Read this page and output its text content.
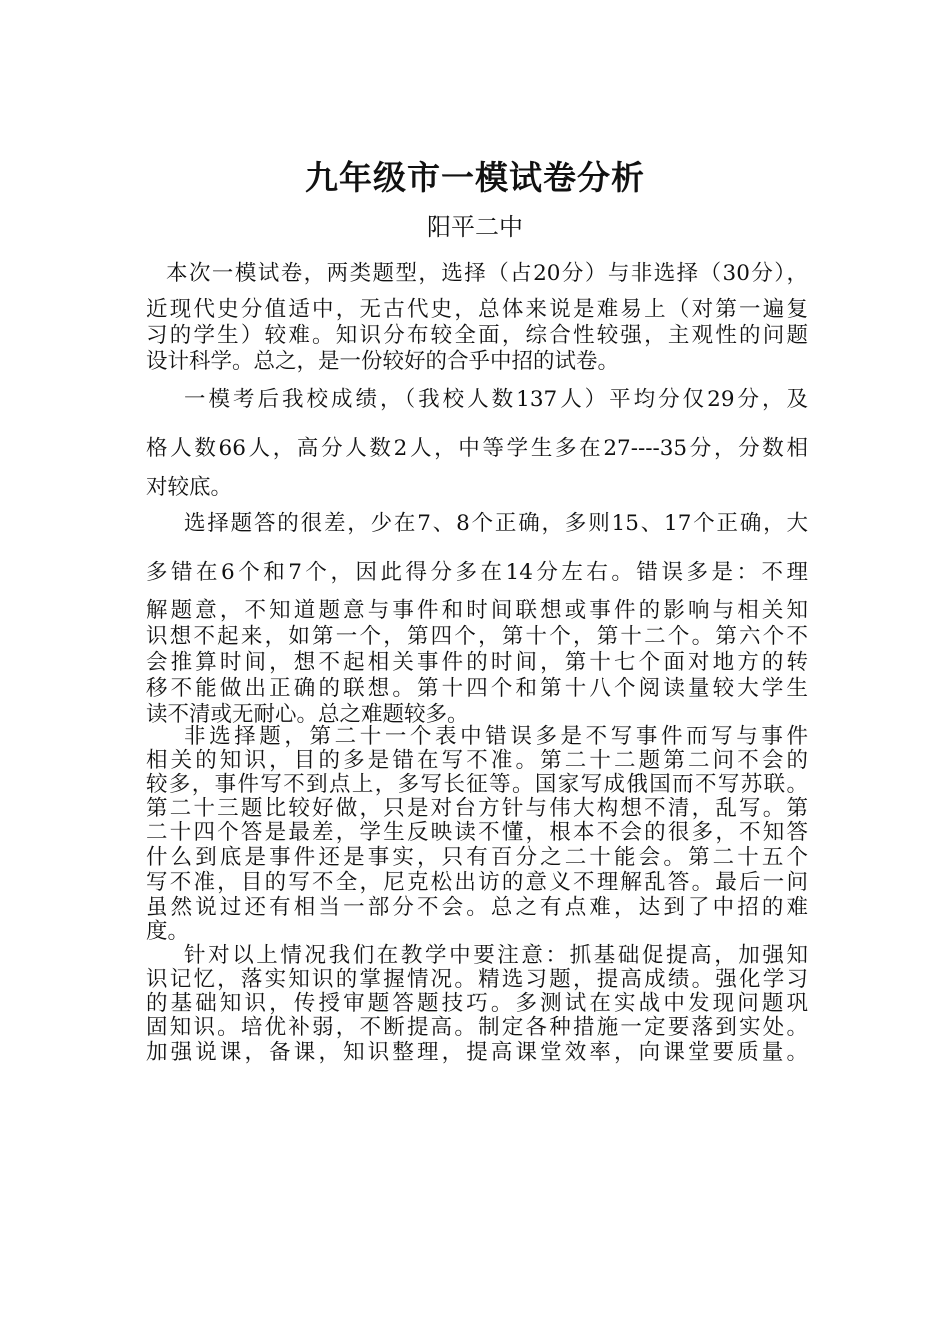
九年级市一模试卷分析

阳平二中

本次一模试卷，两类题型，选择（占20分）与非选择（30分），

近现代史分值适中，无古代史，总体来说是难易上（对第一遍复

习的学生）较难。知识分布较全面，综合性较强，主观性的问题

设计科学。总之，是一份较好的合乎中招的试卷。

一模考后我校成绩，（我校人数137人）平均分仅29分，及

格人数66人，高分人数2人，中等学生多在27----35分，分数相

对较底。

选择题答的很差，少在7、8个正确，多则15、17个正确，大

多错在6个和7个，因此得分多在14分左右。错误多是：不理

解题意，不知道题意与事件和时间联想或事件的影响与相关知

识想不起来，如第一个，第四个，第十个，第十二个。第六个不

会推算时间，想不起相关事件的时间，第十七个面对地方的转

移不能做出正确的联想。第十四个和第十八个阅读量较大学生

读不清或无耐心。总之难题较多。

非选择题，第二十一个表中错误多是不写事件而写与事件

相关的知识，目的多是错在写不准。第二十二题第二问不会的

较多，事件写不到点上，多写长征等。国家写成俄国而不写苏联。

第二十三题比较好做，只是对台方针与伟大构想不清，乱写。第

二十四个答是最差，学生反映读不懂，根本不会的很多，不知答

什么到底是事件还是事实，只有百分之二十能会。第二十五个

写不准，目的写不全，尼克松出访的意义不理解乱答。最后一问

虽然说过还有相当一部分不会。总之有点难，达到了中招的难

度。

针对以上情况我们在教学中要注意：抓基础促提高，加强知

识记忆，落实知识的掌握情况。精选习题，提高成绩。强化学习

的基础知识，传授审题答题技巧。多测试在实战中发现问题巩

固知识。培优补弱，不断提高。制定各种措施一定要落到实处。

加强说课，备课，知识整理，提高课堂效率，向课堂要质量。
